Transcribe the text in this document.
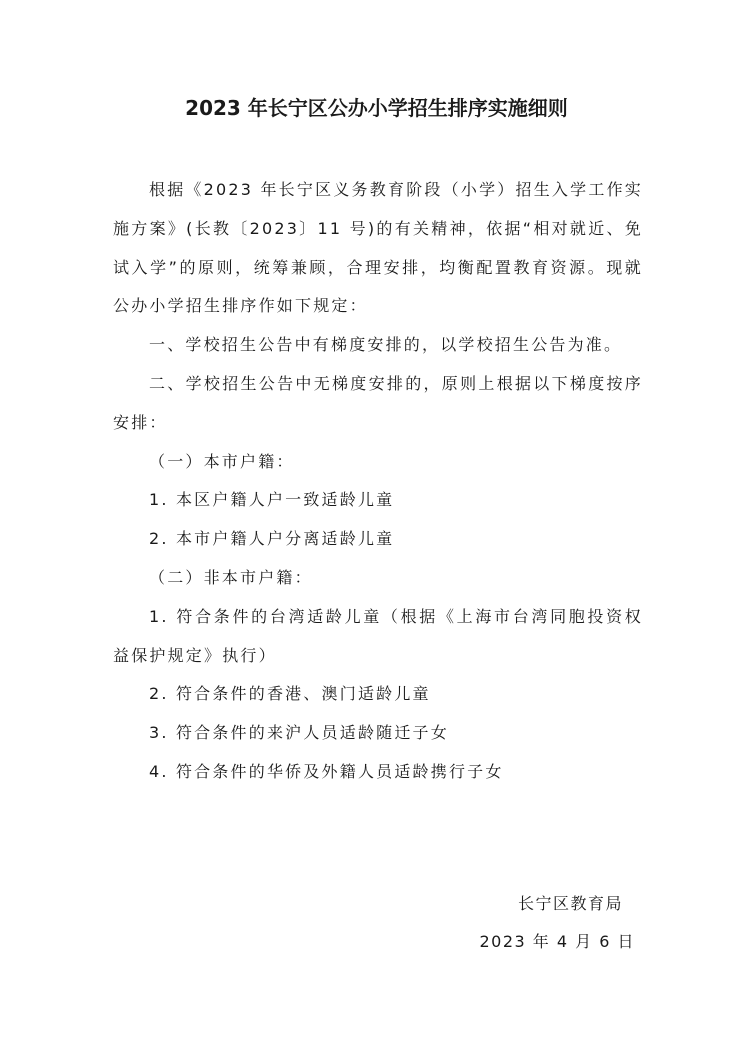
2023 年长宁区公办小学招生排序实施细则

根据《2023 年长宁区义务教育阶段（小学）招生入学工作实施方案》(长教〔2023〕11 号)的有关精神，依据“相对就近、免试入学”的原则，统筹兼顾，合理安排，均衡配置教育资源。现就公办小学招生排序作如下规定：

一、学校招生公告中有梯度安排的，以学校招生公告为准。

二、学校招生公告中无梯度安排的，原则上根据以下梯度按序安排：

（一）本市户籍：

1. 本区户籍人户一致适龄儿童

2. 本市户籍人户分离适龄儿童

（二）非本市户籍：

1. 符合条件的台湾适龄儿童（根据《上海市台湾同胞投资权益保护规定》执行）

2. 符合条件的香港、澳门适龄儿童

3. 符合条件的来沪人员适龄随迁子女

4. 符合条件的华侨及外籍人员适龄携行子女

长宁区教育局
2023 年 4 月 6 日
